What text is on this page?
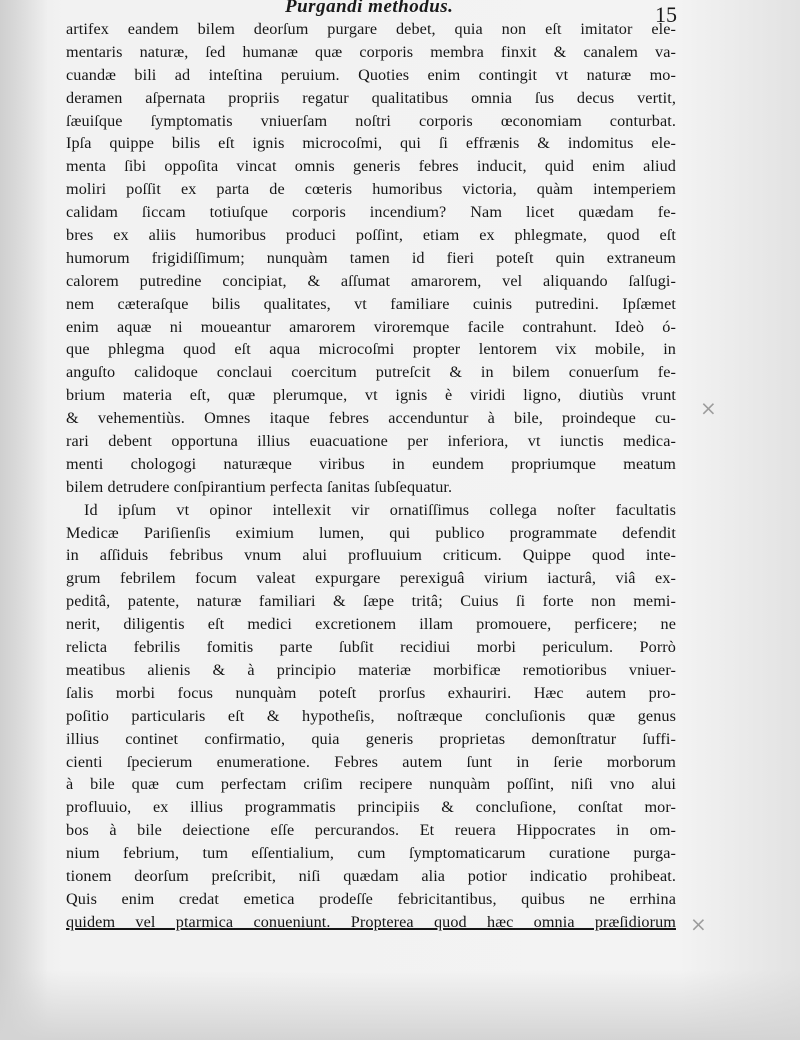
Purgandi methodus.	15
artifex eandem bilem deorſum purgare debet, quia non eſt imitator ele-
mentaris naturæ, ſed humanæ quæ corporis membra finxit & canalem va-
cuandæ bili ad inteſtina peruium. Quoties enim contingit vt naturæ mo-
deramen aſpernata propriis regatur qualitatibus omnia ſus decus vertit,
ſæuiſque ſymptomatis vniuerſam noſtri corporis œconomiam conturbat.
Ipſa quippe bilis eſt ignis microcoſmi, qui ſi effrænis & indomitus ele-
menta ſibi oppoſita vincat omnis generis febres inducit, quid enim aliud
moliri poſſit ex parta de cœteris humoribus victoria, quàm intemperiem
calidam ſiccam totiuſque corporis incendium? Nam licet quædam fe-
bres ex aliis humoribus produci poſſint, etiam ex phlegmate, quod eſt
humorum frigidiſſimum; nunquàm tamen id fieri poteſt quin extraneum
calorem putredine concipiat, & aſſumat amarorem, vel aliquando ſalſugi-
nem cæteraſque bilis qualitates, vt familiare cuinis putredini. Ipſæmet
enim aquæ ni moueantur amarorem viroremque facile contrahunt. Ideò ó-
que phlegma quod eſt aqua microcoſmi propter lentorem vix mobile, in
anguſto calidoque conclaui coercitum putreſcit & in bilem conuerſum fe-
brium materia eſt, quæ plerumque, vt ignis è viridi ligno, diutiùs vrunt
& vehementiùs. Omnes itaque febres accenduntur à bile, proindeque cu-
rari debent opportuna illius euacuatione per inferiora, vt iunctis medica-
menti chologogi naturæque viribus in eundem propriumque meatum
bilem detrudere conſpirantium perfecta ſanitas ſubſequatur.
Id ipſum vt opinor intellexit vir ornatiſſimus collega noſter facultatis
Medicæ Pariſienſis eximium lumen, qui publico programmate defendit
in aſſiduis febribus vnum alui profluuium criticum. Quippe quod inte-
grum febrilem focum valeat expurgare perexiguâ virium iacturâ, viâ ex-
peditâ, patente, naturæ familiari & ſæpe tritâ; Cuius ſi forte non memi-
nerit, diligentis eſt medici excretionem illam promouere, perficere; ne
relicta febrilis fomitis parte ſubſit recidiui morbi periculum. Porrò
meatibus alienis & à principio materiæ morbificæ remotioribus vniuer-
ſalis morbi focus nunquàm poteſt prorſus exhauriri. Hæc autem pro-
poſitio particularis eſt & hypotheſis, noſtræque concluſionis quæ genus
illius continet confirmatio, quia generis proprietas demonſtratur ſuffi-
cienti ſpecierum enumeratione. Febres autem ſunt in ſerie morborum
à bile quæ cum perfectam criſim recipere nunquàm poſſint, niſi vno alui
profluuio, ex illius programmatis principiis & concluſione, conſtat mor-
bos à bile deiectione eſſe percurandos. Et reuera Hippocrates in om-
nium febrium, tum eſſentialium, cum ſymptomaticarum curatione purga-
tionem deorſum preſcribit, niſi quædam alia potior indicatio prohibeat.
Quis enim credat emetica prodeſſe febricitantibus, quibus ne errhina
quidem vel ptarmica conueniunt. Propterea quod hæc omnia præſidiorum
⨯
⨯
